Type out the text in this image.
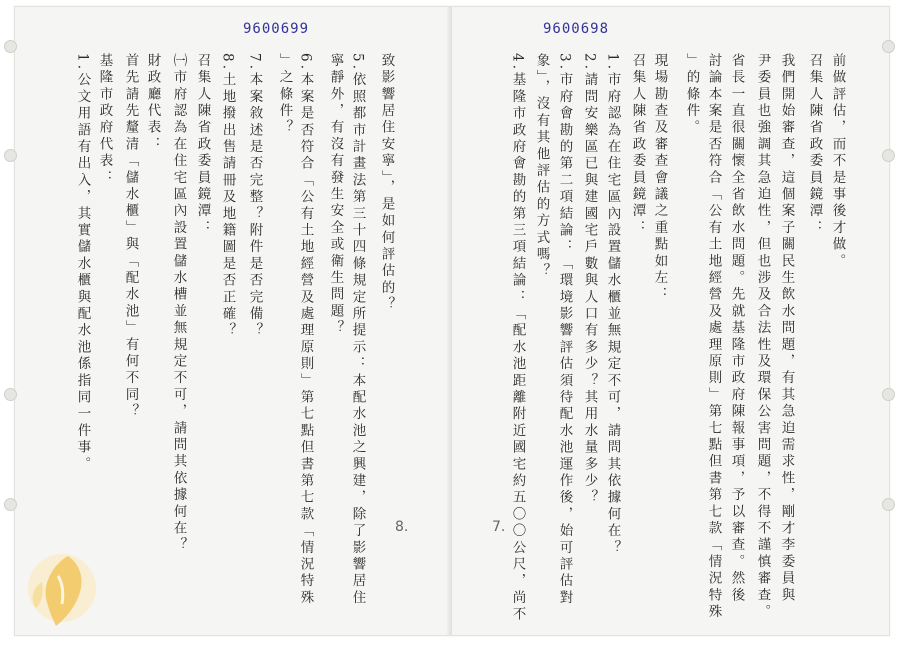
9600699
致影響居住安寧」，是如何評估的？
5.依照都市計畫法第三十四條規定所提示：本配水池之興建，除了影響居住
寧靜外，有沒有發生安全或衛生問題？
6.本案是否符合「公有土地經營及處理原則」第七點但書第七款「情況特殊
」之條件？
7.本案敘述是否完整？附件是否完備？
8.土地撥出售請冊及地籍圖是否正確？
召集人陳省政委員鏡潭：
㈠市府認為在住宅區內設置儲水槽並無規定不可，請問其依據何在？
財政廳代表：
首先請先釐清「儲水櫃」與「配水池」有何不同？
基隆市政府代表：
1.公文用語有出入，其實儲水櫃與配水池係指同一件事。
8.
9600698
前做評估，而不是事後才做。
召集人陳省政委員鏡潭：
我們開始審查，這個案子關民生飲水問題，有其急迫需求性，剛才李委員與
尹委員也強調其急迫性，但也涉及合法性及環保公害問題，不得不謹慎審查。
省長一直很關懷全省飲水問題。先就基隆市政府陳報事項，予以審查。然後
討論本案是否符合「公有土地經營及處理原則」第七點但書第七款「情況特殊
」的條件。
現場勘查及審查會議之重點如左：
召集人陳省政委員鏡潭：
1.市府認為在住宅區內設置儲水櫃並無規定不可，請問其依據何在？
2.請問安樂區已與建國宅戶數與人口有多少？其用水量多少？
3.市府會勘的第二項結論：「環境影響評估須待配水池運作後，始可評估對
象」，沒有其他評估的方式嗎？
4.基隆市政府會勘的第三項結論：「配水池距離附近國宅約五〇〇公尺，尚不
7.
